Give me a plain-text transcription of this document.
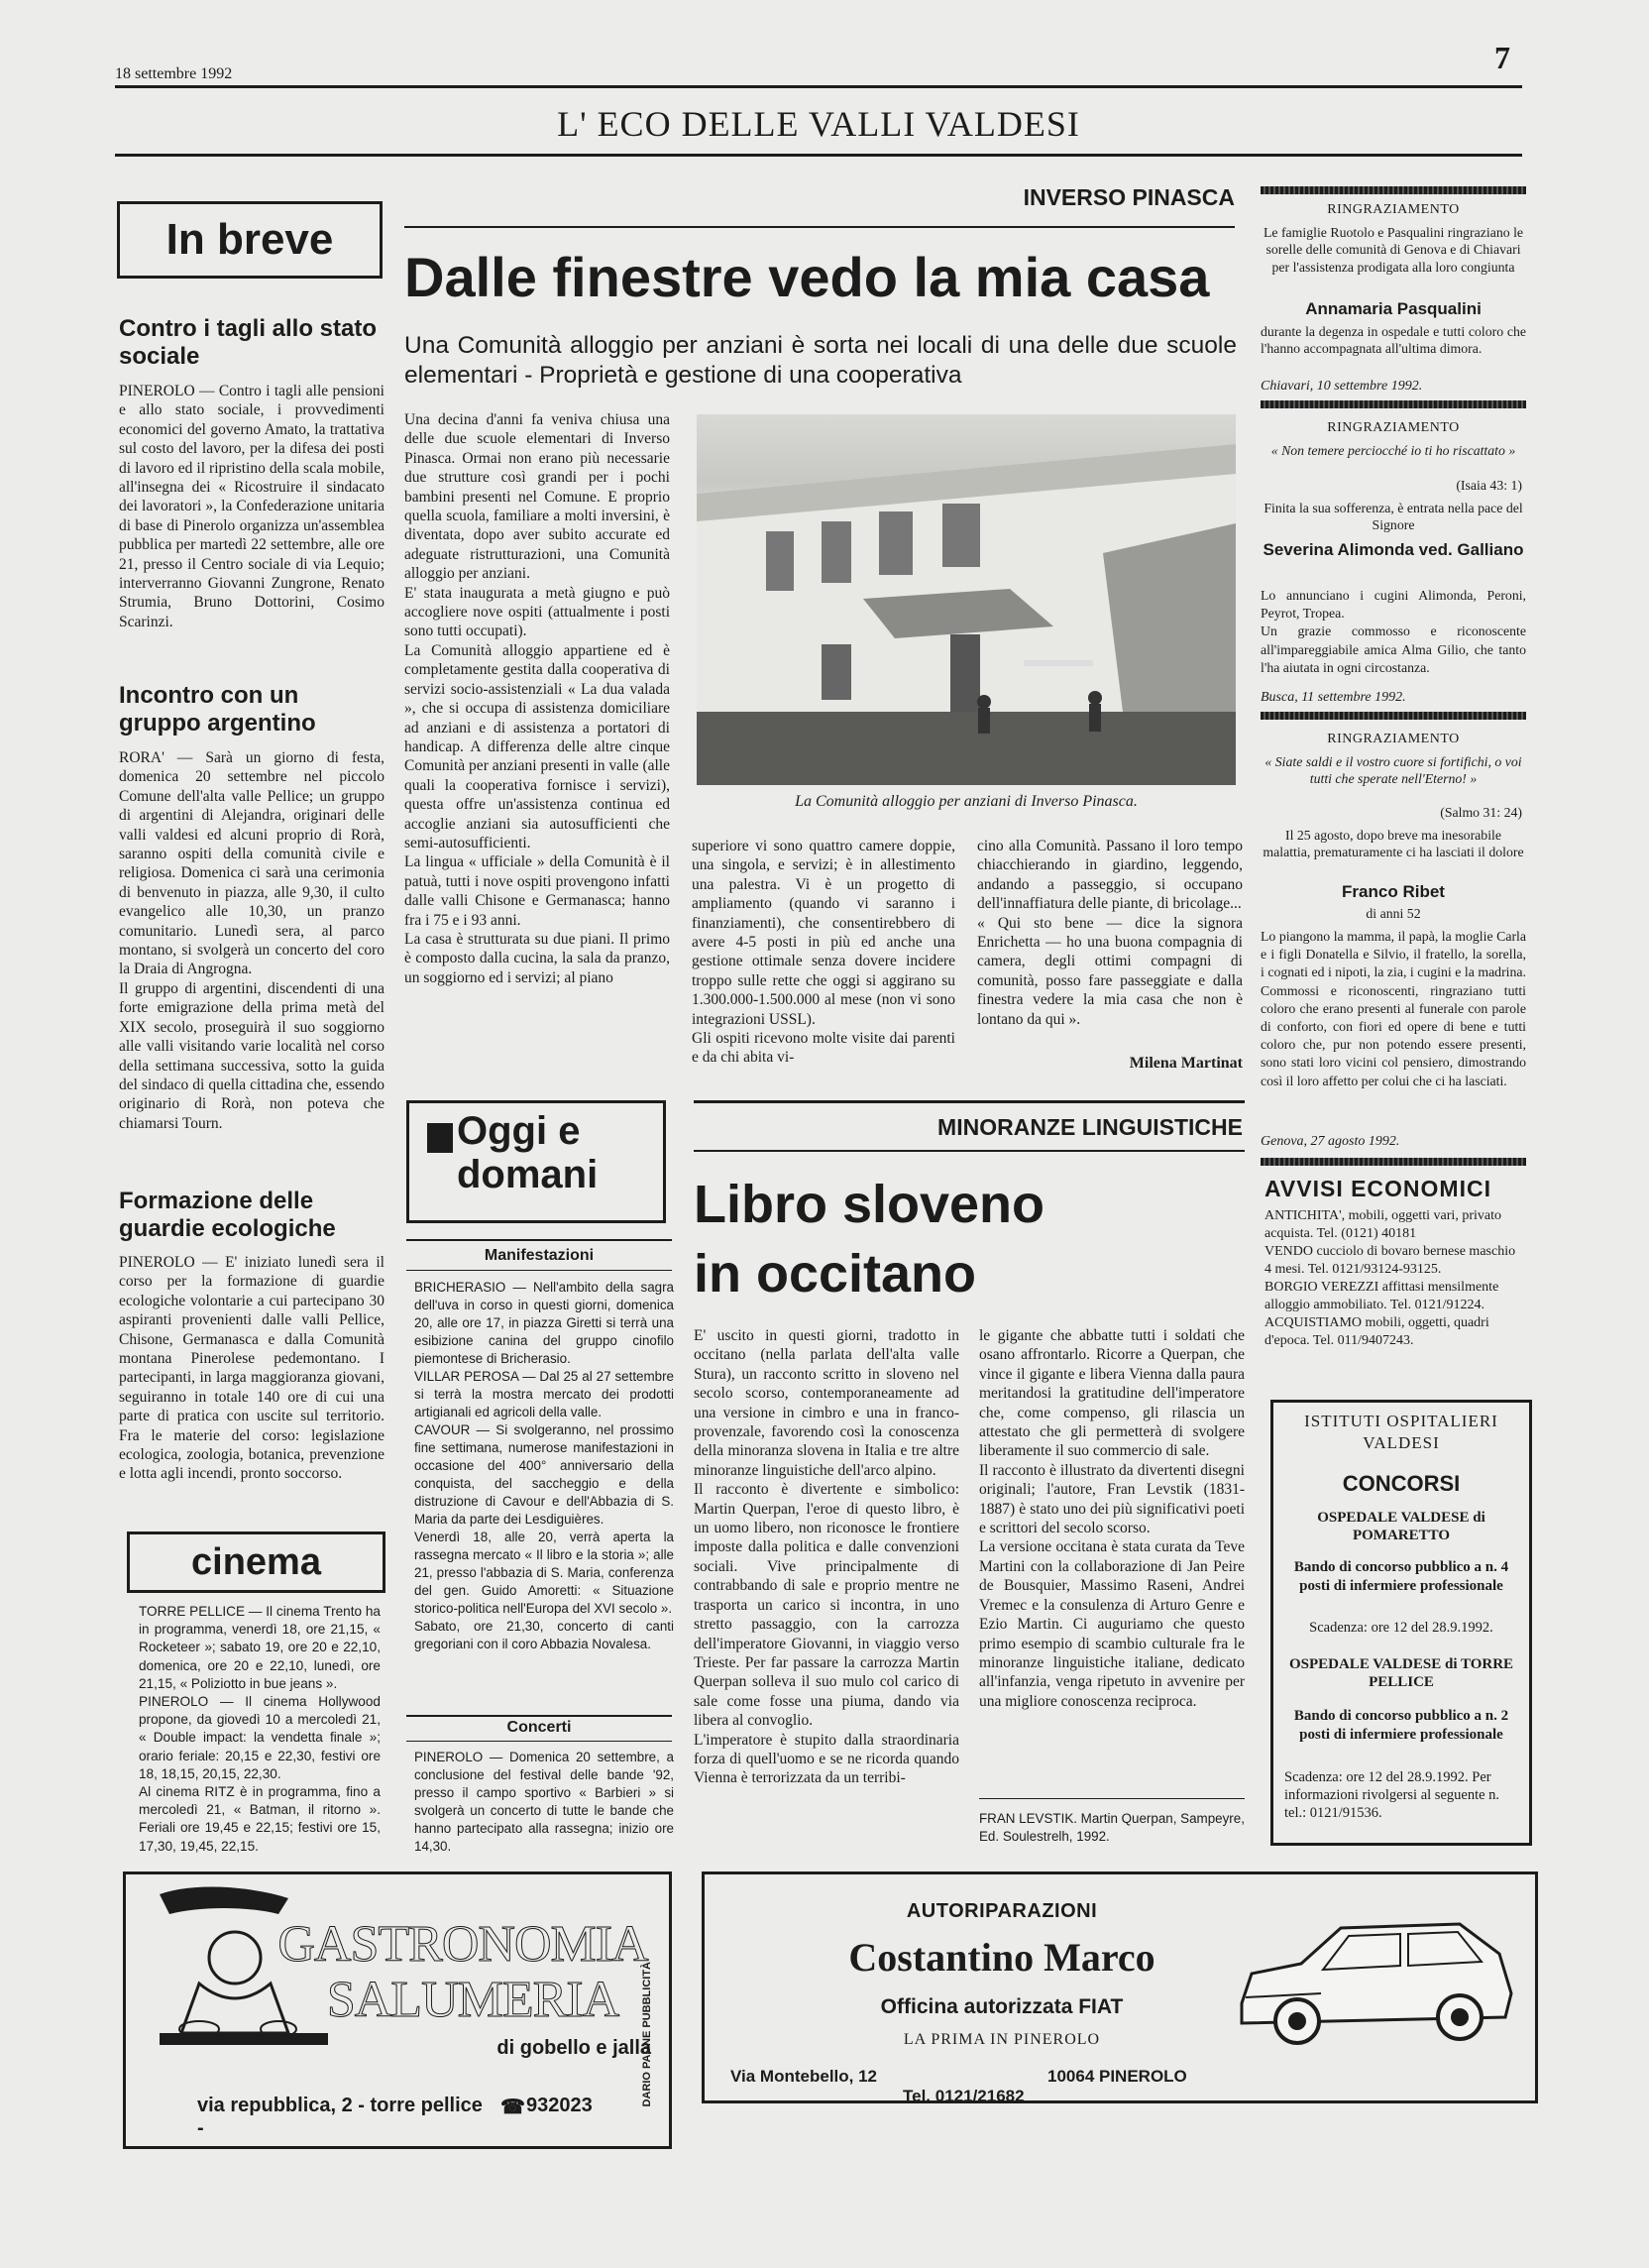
18 settembre 1992	7
L' ECO DELLE VALLI VALDESI
In breve
Contro i tagli allo stato sociale
PINEROLO — Contro i tagli alle pensioni e allo stato sociale, i provvedimenti economici del governo Amato, la trattativa sul costo del lavoro, per la difesa dei posti di lavoro ed il ripristino della scala mobile, all'insegna dei « Ricostruire il sindacato dei lavoratori », la Confederazione unitaria di base di Pinerolo organizza un'assemblea pubblica per martedì 22 settembre, alle ore 21, presso il Centro sociale di via Lequio; interverranno Giovanni Zungrone, Renato Strumia, Bruno Dottorini, Cosimo Scarinzi.
Incontro con un gruppo argentino
RORA' — Sarà un giorno di festa, domenica 20 settembre nel piccolo Comune dell'alta valle Pellice; un gruppo di argentini di Alejandra, originari delle valli valdesi ed alcuni proprio di Rorà, saranno ospiti della comunità civile e religiosa. Domenica ci sarà una cerimonia di benvenuto in piazza, alle 9,30, il culto evangelico alle 10,30, un pranzo comunitario. Lunedì sera, al parco montano, si svolgerà un concerto del coro la Draia di Angrogna.
Il gruppo di argentini, discendenti di una forte emigrazione della prima metà del XIX secolo, proseguirà il suo soggiorno alle valli visitando varie località nel corso della settimana successiva, sotto la guida del sindaco di quella cittadina che, essendo originario di Rorà, non poteva che chiamarsi Tourn.
Formazione delle guardie ecologiche
PINEROLO — E' iniziato lunedì sera il corso per la formazione di guardie ecologiche volontarie a cui partecipano 30 aspiranti provenienti dalle valli Pellice, Chisone, Germanasca e dalla Comunità montana Pinerolese pedemontano. I partecipanti, in larga maggioranza giovani, seguiranno in totale 140 ore di cui una parte di pratica con uscite sul territorio. Fra le materie del corso: legislazione ecologica, zoologia, botanica, prevenzione e lotta agli incendi, pronto soccorso.
cinema
TORRE PELLICE — Il cinema Trento ha in programma, venerdì 18, ore 21,15, « Rocketeer »; sabato 19, ore 20 e 22,10, domenica, ore 20 e 22,10, lunedì, ore 21,15, « Poliziotto in bue jeans ».
PINEROLO — Il cinema Hollywood propone, da giovedì 10 a mercoledì 21, « Double impact: la vendetta finale »; orario feriale: 20,15 e 22,30, festivi ore 18, 18,15, 20,15, 22,30.
Al cinema RITZ è in programma, fino a mercoledì 21, « Batman, il ritorno ». Feriali ore 19,45 e 22,15; festivi ore 15, 17,30, 19,45, 22,15.
INVERSO PINASCA
Dalle finestre vedo la mia casa
Una Comunità alloggio per anziani è sorta nei locali di una delle due scuole elementari - Proprietà e gestione di una cooperativa
Una decina d'anni fa veniva chiusa una delle due scuole elementari di Inverso Pinasca. Ormai non erano più necessarie due strutture così grandi per i pochi bambini presenti nel Comune. E proprio quella scuola, familiare a molti inversini, è diventata, dopo aver subito accurate ed adeguate ristrutturazioni, una Comunità alloggio per anziani.
E' stata inaugurata a metà giugno e può accogliere nove ospiti (attualmente i posti sono tutti occupati).
La Comunità alloggio appartiene ed è completamente gestita dalla cooperativa di servizi socio-assistenziali « La dua valada », che si occupa di assistenza domiciliare ad anziani e di assistenza a portatori di handicap. A differenza delle altre cinque Comunità per anziani presenti in valle (alle quali la cooperativa fornisce i servizi), questa offre un'assistenza continua ed accoglie anziani sia autosufficienti che semi-autosufficienti.
La lingua « ufficiale » della Comunità è il patuà, tutti i nove ospiti provengono infatti dalle valli Chisone e Germanasca; hanno fra i 75 e i 93 anni.
La casa è strutturata su due piani. Il primo è composto dalla cucina, la sala da pranzo, un soggiorno ed i servizi; al piano
La Comunità alloggio per anziani di Inverso Pinasca.
superiore vi sono quattro camere doppie, una singola, e servizi; è in allestimento una palestra. Vi è un progetto di ampliamento (quando vi saranno i finanziamenti), che consentirebbero di avere 4-5 posti in più ed anche una gestione ottimale senza dovere incidere troppo sulle rette che oggi si aggirano su 1.300.000-1.500.000 al mese (non vi sono integrazioni USSL).
Gli ospiti ricevono molte visite dai parenti e da chi abita vi-
cino alla Comunità. Passano il loro tempo chiacchierando in giardino, leggendo, andando a passeggio, si occupano dell'innaffiatura delle piante, di bricolage...
« Qui sto bene — dice la signora Enrichetta — ho una buona compagnia di camera, degli ottimi compagni di comunità, posso fare passeggiate e dalla finestra vedere la mia casa che non è lontano da qui ».
Milena Martinat
Oggi e domani
Manifestazioni
BRICHERASIO — Nell'ambito della sagra dell'uva in corso in questi giorni, domenica 20, alle ore 17, in piazza Giretti si terrà una esibizione canina del gruppo cinofilo piemontese di Bricherasio.
VILLAR PEROSA — Dal 25 al 27 settembre si terrà la mostra mercato dei prodotti artigianali ed agricoli della valle.
CAVOUR — Si svolgeranno, nel prossimo fine settimana, numerose manifestazioni in occasione del 400° anniversario della conquista, del saccheggio e della distruzione di Cavour e dell'Abbazia di S. Maria da parte dei Lesdiguières.
Venerdì 18, alle 20, verrà aperta la rassegna mercato « Il libro e la storia »; alle 21, presso l'abbazia di S. Maria, conferenza del gen. Guido Amoretti: « Situazione storico-politica nell'Europa del XVI secolo ».
Sabato, ore 21,30, concerto di canti gregoriani con il coro Abbazia Novalesa.
Concerti
PINEROLO — Domenica 20 settembre, a conclusione del festival delle bande '92, presso il campo sportivo « Barbieri » si svolgerà un concerto di tutte le bande che hanno partecipato alla rassegna; inizio ore 14,30.
MINORANZE LINGUISTICHE
Libro sloveno in occitano
E' uscito in questi giorni, tradotto in occitano (nella parlata dell'alta valle Stura), un racconto scritto in sloveno nel secolo scorso, contemporaneamente ad una versione in cimbro e una in franco-provenzale, favorendo così la conoscenza della minoranza slovena in Italia e tre altre minoranze linguistiche dell'arco alpino.
Il racconto è divertente e simbolico: Martin Querpan, l'eroe di questo libro, è un uomo libero, non riconosce le frontiere imposte dalla politica e dalle convenzioni sociali. Vive principalmente di contrabbando di sale e proprio mentre ne trasporta un carico si incontra, in uno stretto passaggio, con la carrozza dell'imperatore Giovanni, in viaggio verso Trieste. Per far passare la carrozza Martin Querpan solleva il suo mulo col carico di sale come fosse una piuma, dando via libera al convoglio.
L'imperatore è stupito dalla straordinaria forza di quell'uomo e se ne ricorda quando Vienna è terrorizzata da un terribi-
le gigante che abbatte tutti i soldati che osano affrontarlo. Ricorre a Querpan, che vince il gigante e libera Vienna dalla paura meritandosi la gratitudine dell'imperatore che, come compenso, gli rilascia un attestato che gli permetterà di svolgere liberamente il suo commercio di sale.
Il racconto è illustrato da divertenti disegni originali; l'autore, Fran Levstik (1831-1887) è stato uno dei più significativi poeti e scrittori del secolo scorso.
La versione occitana è stata curata da Teve Martini con la collaborazione di Jan Peire de Bousquier, Massimo Raseni, Andrei Vremec e la consulenza di Arturo Genre e Ezio Martin. Ci auguriamo che questo primo esempio di scambio culturale fra le minoranze linguistiche italiane, dedicato all'infanzia, venga ripetuto in avvenire per una migliore conoscenza reciproca.
FRAN LEVSTIK. Martin Querpan, Sampeyre, Ed. Soulestrelh, 1992.
RINGRAZIAMENTO
Le famiglie Ruotolo e Pasqualini ringraziano le sorelle delle comunità di Genova e di Chiavari per l'assistenza prodigata alla loro congiunta
Annamaria Pasqualini
durante la degenza in ospedale e tutti coloro che l'hanno accompagnata all'ultima dimora.
Chiavari, 10 settembre 1992.
RINGRAZIAMENTO
« Non temere perciocché io ti ho riscattato »
(Isaia 43: 1)
Finita la sua sofferenza, è entrata nella pace del Signore
Severina Alimonda ved. Galliano
Lo annunciano i cugini Alimonda, Peroni, Peyrot, Tropea.
Un grazie commosso e riconoscente all'impareggiabile amica Alma Gilio, che tanto l'ha aiutata in ogni circostanza.
Busca, 11 settembre 1992.
RINGRAZIAMENTO
« Siate saldi e il vostro cuore si fortifichi, o voi tutti che sperate nell'Eterno! »
(Salmo 31: 24)
Il 25 agosto, dopo breve ma inesorabile malattia, prematuramente ci ha lasciati il dolore
Franco Ribet
di anni 52
Lo piangono la mamma, il papà, la moglie Carla e i figli Donatella e Silvio, il fratello, la sorella, i cognati ed i nipoti, la zia, i cugini e la madrina. Commossi e riconoscenti, ringraziano tutti coloro che erano presenti al funerale con parole di conforto, con fiori ed opere di bene e tutti coloro che, pur non potendo essere presenti, sono stati loro vicini col pensiero, dimostrando così il loro affetto per colui che ci ha lasciati.
Genova, 27 agosto 1992.
AVVISI ECONOMICI
ANTICHITA', mobili, oggetti vari, privato acquista. Tel. (0121) 40181
VENDO cucciolo di bovaro bernese maschio 4 mesi. Tel. 0121/93124-93125.
BORGIO VEREZZI affittasi mensilmente alloggio ammobiliato. Tel. 0121/91224.
ACQUISTIAMO mobili, oggetti, quadri d'epoca. Tel. 011/9407243.
ISTITUTI OSPITALIERI
VALDESI
CONCORSI
OSPEDALE VALDESE di POMARETTO
Bando di concorso pubblico a n. 4 posti di infermiere professionale
Scadenza: ore 12 del 28.9.1992.
OSPEDALE VALDESE di TORRE PELLICE
Bando di concorso pubblico a n. 2 posti di infermiere professionale
Scadenza: ore 12 del 28.9.1992. Per informazioni rivolgersi al seguente n. tel.: 0121/91536.
GASTRONOMIA
SALUMERIA
di gobello e jalla
via repubblica, 2 - torre pellice -
☎ 932023	DARIO PAONE PUBBLICITÀ
AUTORIPARAZIONI
Costantino Marco
Officina autorizzata FIAT
LA PRIMA IN PINEROLO
Via Montebello, 12	10064 PINEROLO
Tel. 0121/21682
